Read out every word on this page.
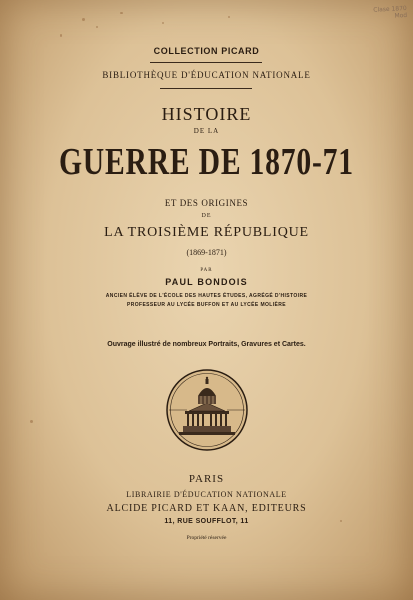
Clase 1870 Mod
COLLECTION PICARD
BIBLIOTHÈQUE D'ÉDUCATION NATIONALE
HISTOIRE
DE LA
GUERRE DE 1870-71
ET DES ORIGINES
DE
LA TROISIÈME RÉPUBLIQUE
(1869-1871)
PAR
PAUL BONDOIS
ANCIEN ÉLÈVE DE L'ÉCOLE DES HAUTES ÉTUDES, AGRÉGÉ D'HISTOIRE
PROFESSEUR AU LYCÉE BUFFON ET AU LYCÉE MOLIÈRE
Ouvrage illustré de nombreux Portraits, Gravures et Cartes.
PARIS
LIBRAIRIE D'ÉDUCATION NATIONALE
ALCIDE PICARD ET KAAN, EDITEURS
11, RUE SOUFFLOT, 11
Propriété réservée
